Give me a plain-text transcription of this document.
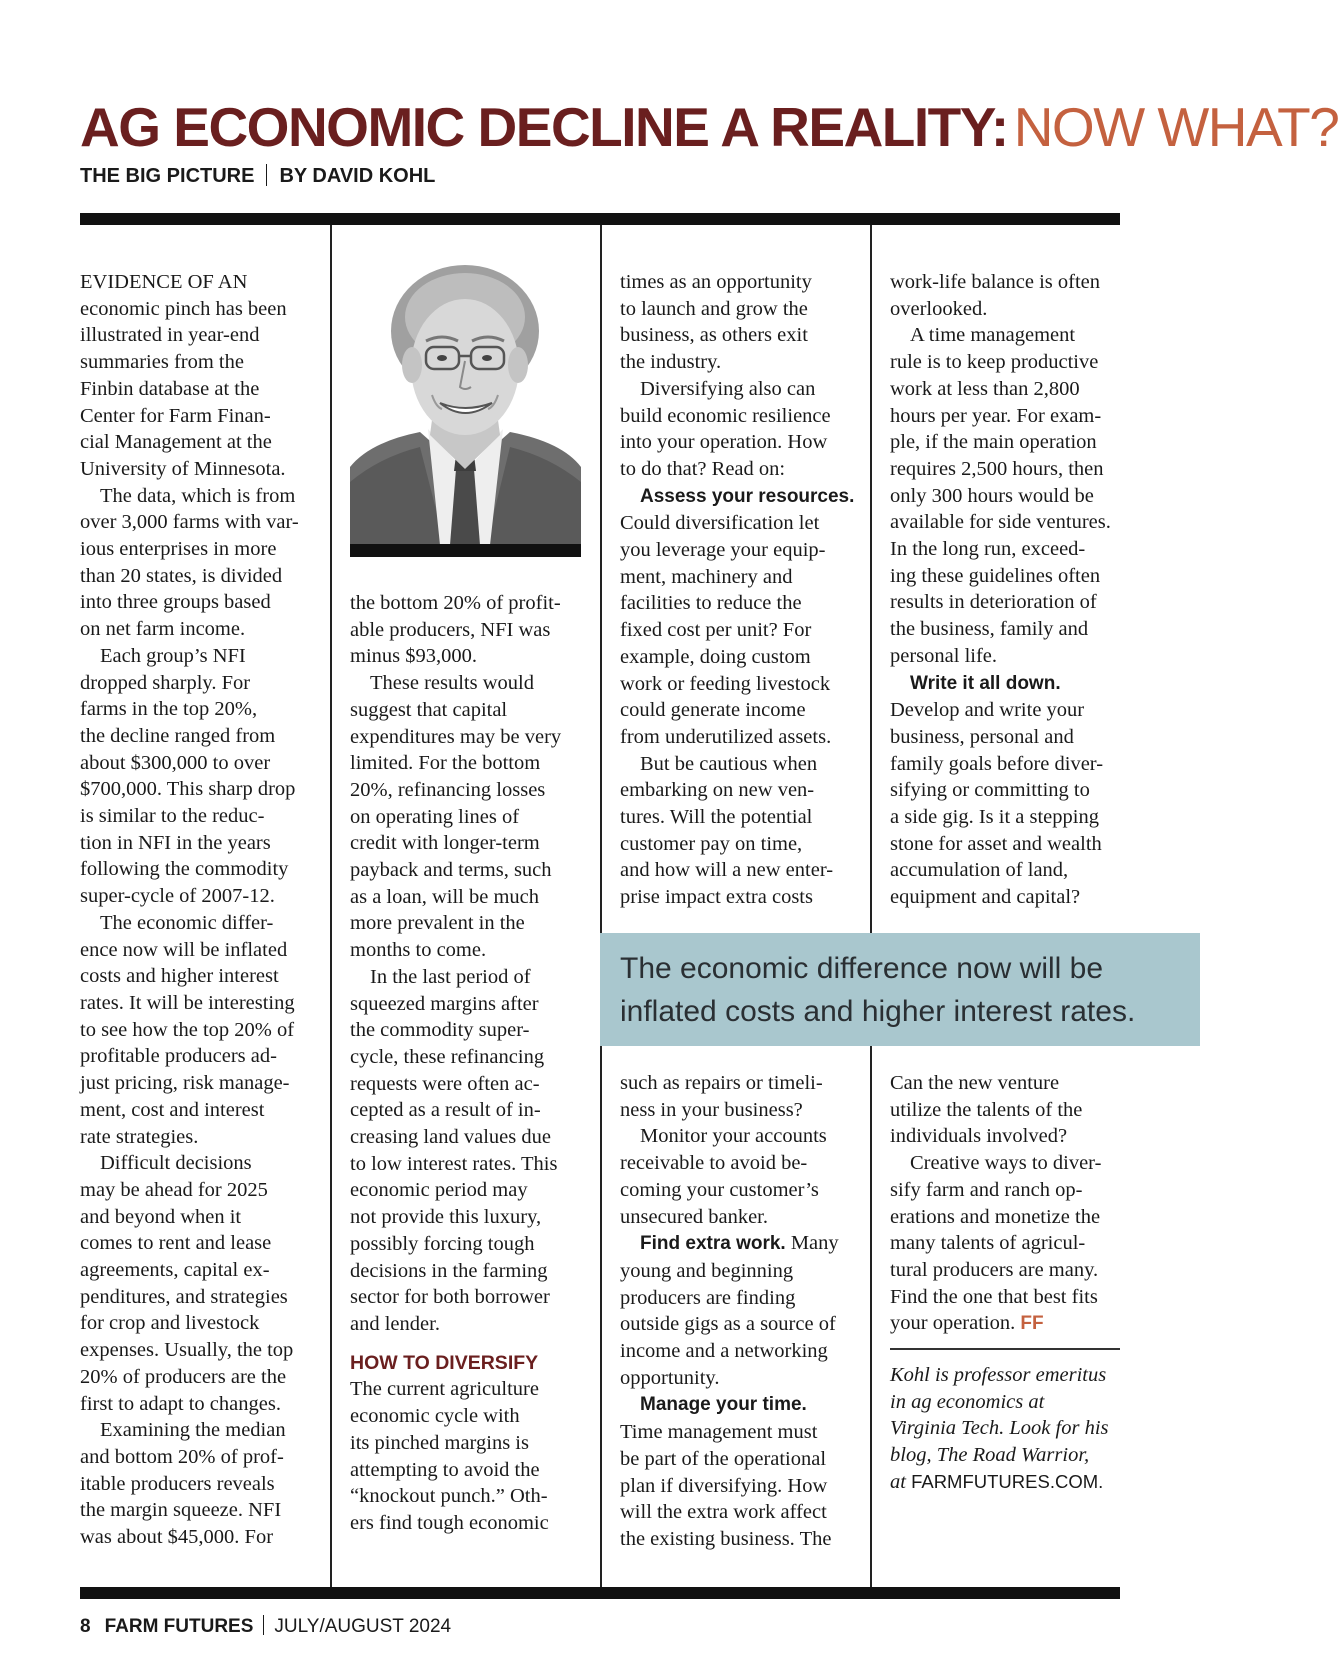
AG ECONOMIC DECLINE A REALITY: NOW WHAT?
THE BIG PICTURE BY DAVID KOHL

EVIDENCE OF AN
economic pinch has been
illustrated in year-end
summaries from the
Finbin database at the
Center for Farm Finan-
cial Management at the
University of Minnesota.

The data, which is from
over 3,000 farms with var-
ious enterprises in more
than 20 states, is divided
into three groups based
on net farm income.

Each group’s NFI
dropped sharply. For
farms in the top 20%,
the decline ranged from
about $300,000 to over
$700,000. This sharp drop
is similar to the reduc-
tion in NFI in the years
following the commodity
super-cycle of 2007-12.

The economic differ-
ence now will be inflated
costs and higher interest
rates. It will be interesting
to see how the top 20% of
profitable producers ad-
just pricing, risk manage-
ment, cost and interest
rate strategies.

Difficult decisions
may be ahead for 2025
and beyond when it
comes to rent and lease
agreements, capital ex-
penditures, and strategies
for crop and livestock
expenses. Usually, the top
20% of producers are the
first to adapt to changes.

Examining the median
and bottom 20% of prof-
itable producers reveals
the margin squeeze. NFI
was about $45,000. For

the bottom 20% of profit-
able producers, NFI was
minus $93,000.

These results would
suggest that capital
expenditures may be very
limited. For the bottom
20%, refinancing losses
on operating lines of
credit with longer-term
payback and terms, such
as a loan, will be much
more prevalent in the
months to come.

In the last period of
squeezed margins after
the commodity super-
cycle, these refinancing
requests were often ac-
cepted as a result of in-
creasing land values due
to low interest rates. This
economic period may
not provide this luxury,
possibly forcing tough
decisions in the farming
sector for both borrower
and lender.

HOW TO DIVERSIFY

The current agriculture
economic cycle with
its pinched margins is
attempting to avoid the
“knockout punch.” Oth-
ers find tough economic

times as an opportunity
to launch and grow the
business, as others exit
the industry.

Diversifying also can
build economic resilience
into your operation. How
to do that? Read on:

Assess your resources.
Could diversification let
you leverage your equip-
ment, machinery and
facilities to reduce the
fixed cost per unit? For
example, doing custom
work or feeding livestock
could generate income
from underutilized assets.

But be cautious when
embarking on new ven-
tures. Will the potential
customer pay on time,
and how will a new enter-
prise impact extra costs

work-life balance is often
overlooked.

A time management
rule is to keep productive
work at less than 2,800
hours per year. For exam-
ple, if the main operation
requires 2,500 hours, then
only 300 hours would be
available for side ventures.
In the long run, exceed-
ing these guidelines often
results in deterioration of
the business, family and
personal life.

Write it all down.
Develop and write your
business, personal and
family goals before diver-
sifying or committing to
a side gig. Is it a stepping
stone for asset and wealth
accumulation of land,
equipment and capital?

The economic difference now will be inflated costs and higher interest rates.

such as repairs or timeli-
ness in your business?

Monitor your accounts
receivable to avoid be-
coming your customer’s
unsecured banker.

Find extra work. Many
young and beginning
producers are finding
outside gigs as a source of
income and a networking
opportunity.

Manage your time.
Time management must
be part of the operational
plan if diversifying. How
will the extra work affect
the existing business. The

Can the new venture
utilize the talents of the
individuals involved?

Creative ways to diver-
sify farm and ranch op-
erations and monetize the
many talents of agricul-
tural producers are many.
Find the one that best fits
your operation. FF

Kohl is professor emeritus
in ag economics at
Virginia Tech. Look for his
blog, The Road Warrior,
at FARMFUTURES.COM.

8 FARM FUTURES JULY/AUGUST 2024
